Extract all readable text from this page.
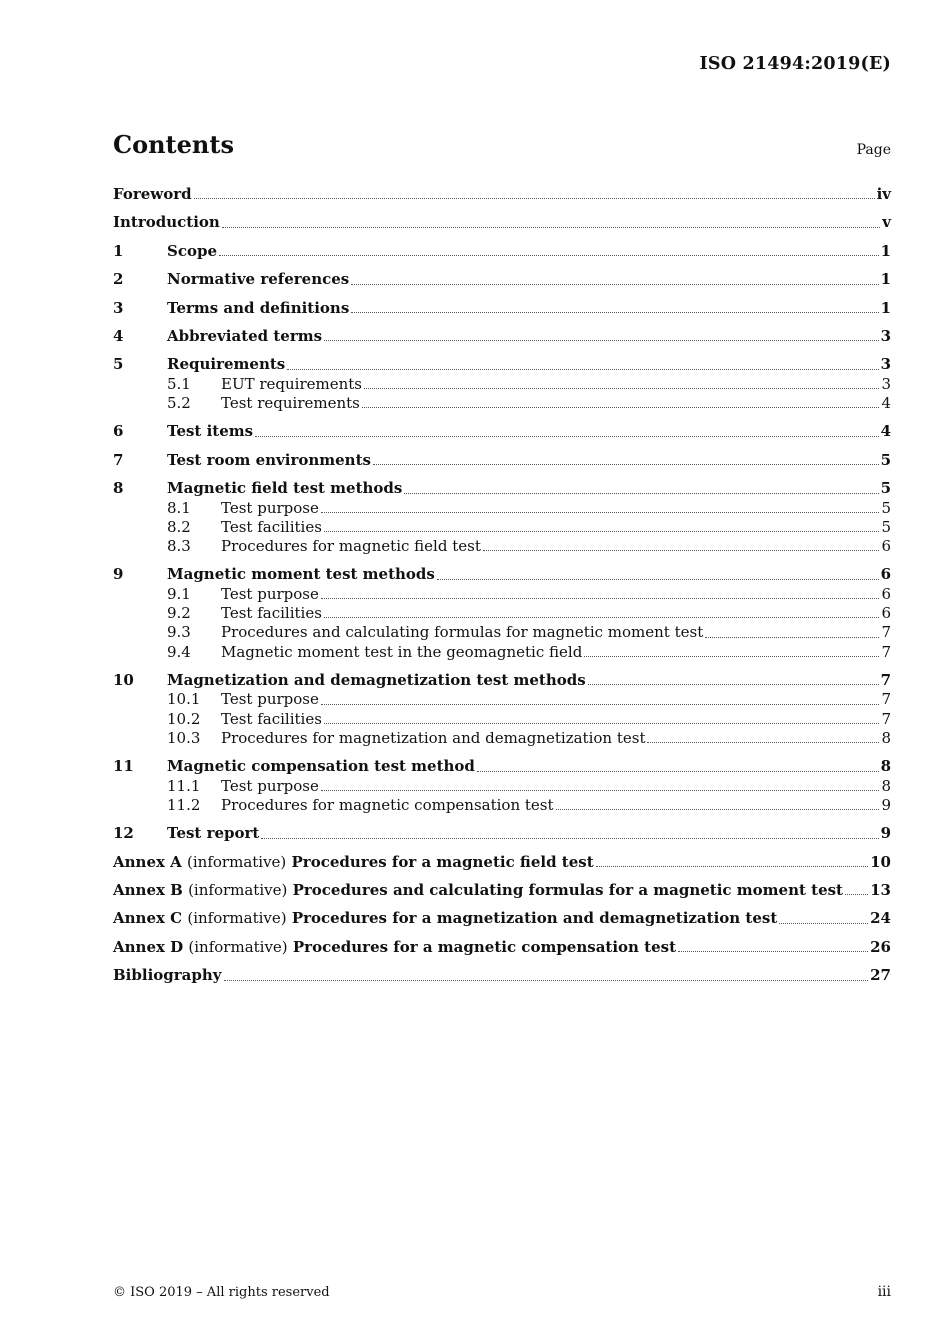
ISO 21494:2019(E)
Contents	Page
Foreword	iv
Introduction	v
1	Scope	1
2	Normative references	1
3	Terms and definitions	1
4	Abbreviated terms	3
5	Requirements	3
5.1	EUT requirements	3
5.2	Test requirements	4
6	Test items	4
7	Test room environments	5
8	Magnetic field test methods	5
8.1	Test purpose	5
8.2	Test facilities	5
8.3	Procedures for magnetic field test	6
9	Magnetic moment test methods	6
9.1	Test purpose	6
9.2	Test facilities	6
9.3	Procedures and calculating formulas for magnetic moment test	7
9.4	Magnetic moment test in the geomagnetic field	7
10	Magnetization and demagnetization test methods	7
10.1	Test purpose	7
10.2	Test facilities	7
10.3	Procedures for magnetization and demagnetization test	8
11	Magnetic compensation test method	8
11.1	Test purpose	8
11.2	Procedures for magnetic compensation test	9
12	Test report	9
Annex A (informative) Procedures for a magnetic field test	10
Annex B (informative) Procedures and calculating formulas for a magnetic moment test 13
Annex C (informative) Procedures for a magnetization and demagnetization test	24
Annex D (informative) Procedures for a magnetic compensation test	26
Bibliography	27
© ISO 2019 – All rights reserved	iii
